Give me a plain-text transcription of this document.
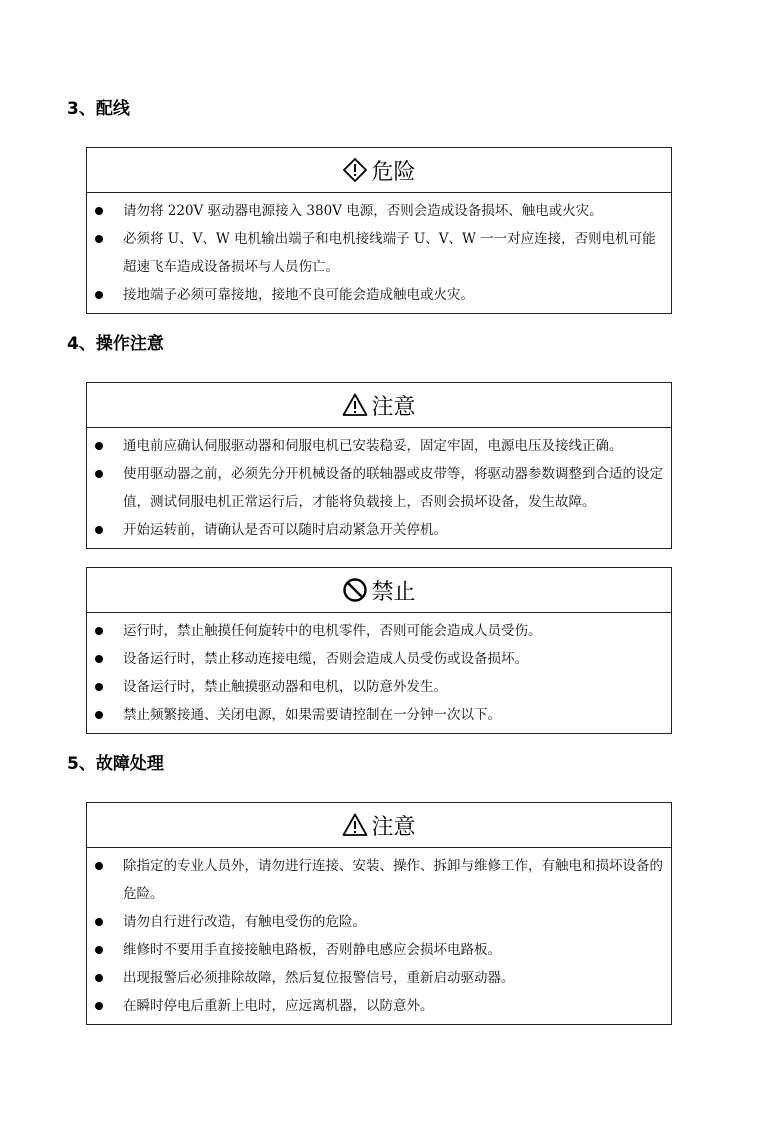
3、配线
危险
请勿将 220V 驱动器电源接入 380V 电源，否则会造成设备损坏、触电或火灾。
必须将 U、V、W 电机输出端子和电机接线端子 U、V、W 一一对应连接，否则电机可能超速飞车造成设备损坏与人员伤亡。
接地端子必须可靠接地，接地不良可能会造成触电或火灾。
4、操作注意
注意
通电前应确认伺服驱动器和伺服电机已安装稳妥，固定牢固，电源电压及接线正确。
使用驱动器之前，必须先分开机械设备的联轴器或皮带等，将驱动器参数调整到合适的设定值，测试伺服电机正常运行后，才能将负载接上，否则会损坏设备，发生故障。
开始运转前，请确认是否可以随时启动紧急开关停机。
禁止
运行时，禁止触摸任何旋转中的电机零件，否则可能会造成人员受伤。
设备运行时，禁止移动连接电缆，否则会造成人员受伤或设备损坏。
设备运行时，禁止触摸驱动器和电机，以防意外发生。
禁止频繁接通、关闭电源，如果需要请控制在一分钟一次以下。
5、故障处理
注意
除指定的专业人员外，请勿进行连接、安装、操作、拆卸与维修工作，有触电和损坏设备的危险。
请勿自行进行改造，有触电受伤的危险。
维修时不要用手直接接触电路板，否则静电感应会损坏电路板。
出现报警后必须排除故障，然后复位报警信号，重新启动驱动器。
在瞬时停电后重新上电时，应远离机器，以防意外。
